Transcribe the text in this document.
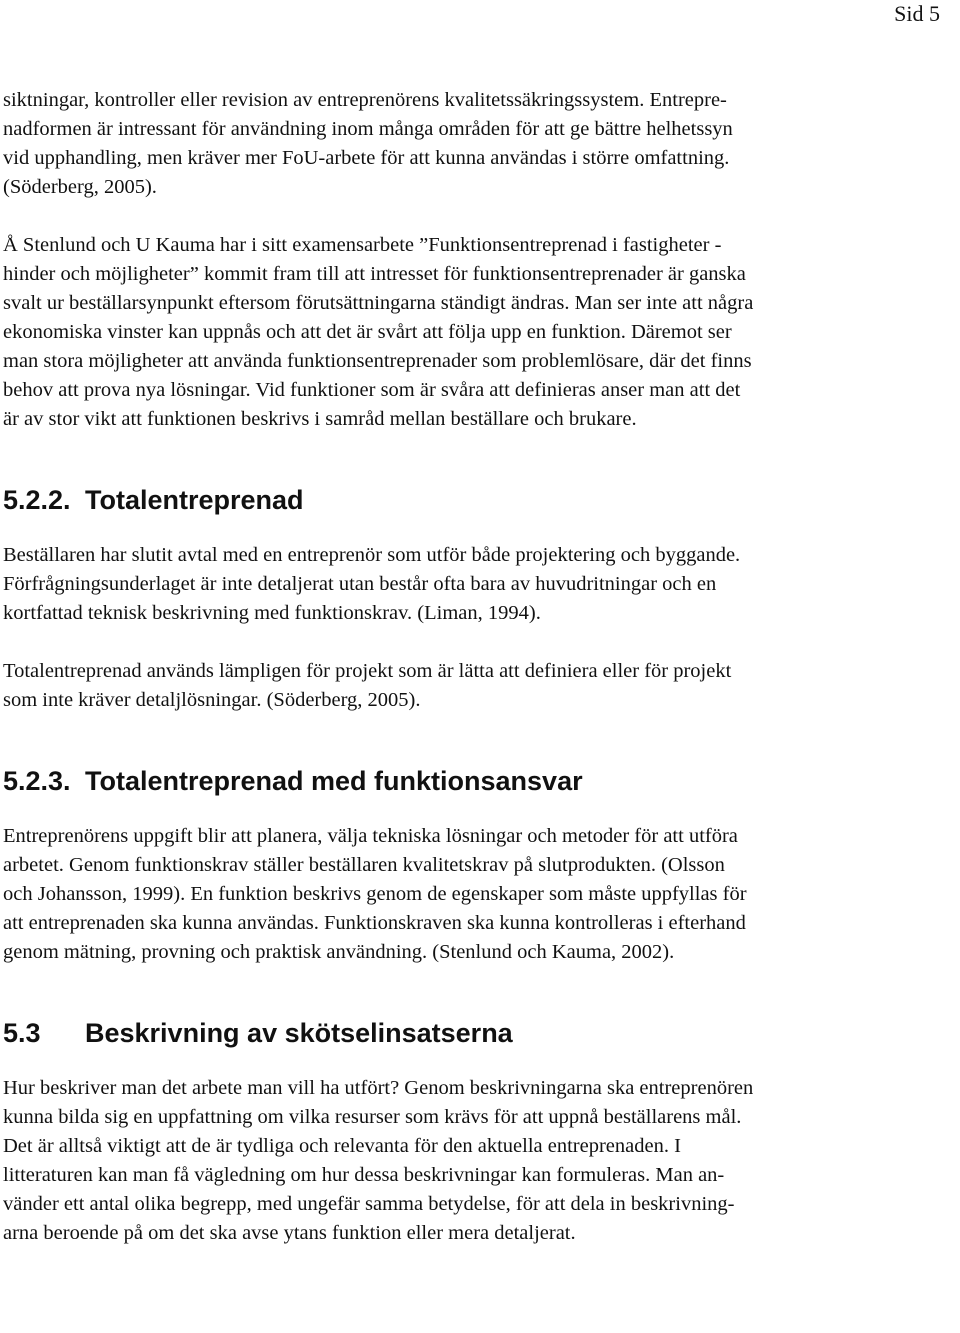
Sid 5

siktningar, kontroller eller revision av entreprenörens kvalitetssäkringssystem. Entrepre-
nadformen är intressant för användning inom många områden för att ge bättre helhetssyn
vid upphandling, men kräver mer FoU-arbete för att kunna användas i större omfattning.
(Söderberg, 2005).

Å Stenlund och U Kauma har i sitt examensarbete ”Funktionsentreprenad i fastigheter -
hinder och möjligheter” kommit fram till att intresset för funktionsentreprenader är ganska
svalt ur beställarsynpunkt eftersom förutsättningarna ständigt ändras. Man ser inte att några
ekonomiska vinster kan uppnås och att det är svårt att följa upp en funktion. Däremot ser
man stora möjligheter att använda funktionsentreprenader som problemlösare, där det finns
behov att prova nya lösningar. Vid funktioner som är svåra att definieras anser man att det
är av stor vikt att funktionen beskrivs i samråd mellan beställare och brukare.

5.2.2. Totalentreprenad

Beställaren har slutit avtal med en entreprenör som utför både projektering och byggande.
Förfrågningsunderlaget är inte detaljerat utan består ofta bara av huvudritningar och en
kortfattad teknisk beskrivning med funktionskrav. (Liman, 1994).

Totalentreprenad används lämpligen för projekt som är lätta att definiera eller för projekt
som inte kräver detaljlösningar. (Söderberg, 2005).

5.2.3. Totalentreprenad med funktionsansvar

Entreprenörens uppgift blir att planera, välja tekniska lösningar och metoder för att utföra
arbetet. Genom funktionskrav ställer beställaren kvalitetskrav på slutprodukten. (Olsson
och Johansson, 1999). En funktion beskrivs genom de egenskaper som måste uppfyllas för
att entreprenaden ska kunna användas. Funktionskraven ska kunna kontrolleras i efterhand
genom mätning, provning och praktisk användning. (Stenlund och Kauma, 2002).

5.3 Beskrivning av skötselinsatserna

Hur beskriver man det arbete man vill ha utfört? Genom beskrivningarna ska entreprenören
kunna bilda sig en uppfattning om vilka resurser som krävs för att uppnå beställarens mål.
Det är alltså viktigt att de är tydliga och relevanta för den aktuella entreprenaden. I
litteraturen kan man få vägledning om hur dessa beskrivningar kan formuleras. Man an-
vänder ett antal olika begrepp, med ungefär samma betydelse, för att dela in beskrivning-
arna beroende på om det ska avse ytans funktion eller mera detaljerat.
